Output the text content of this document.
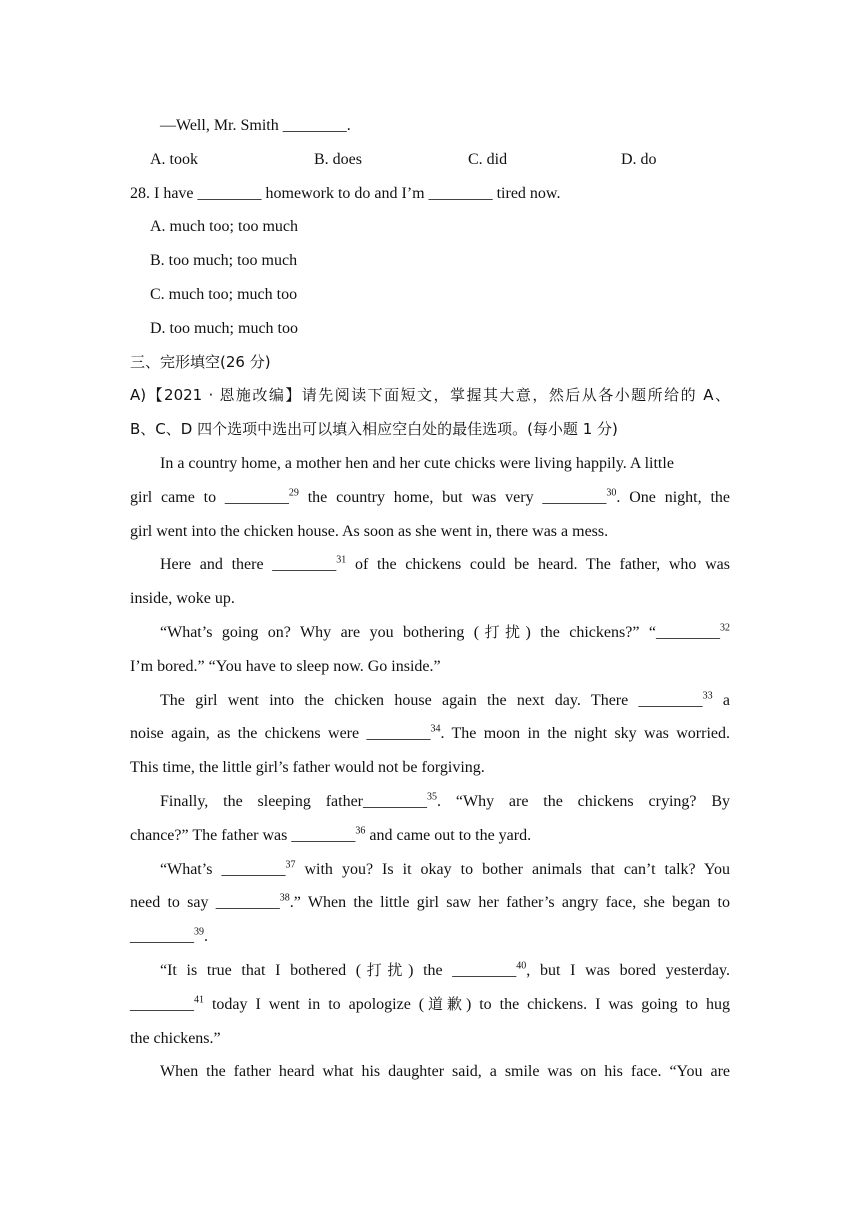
—Well, Mr. Smith ________.
A. took	B. does	C. did	D. do
28. I have ________ homework to do and I’m ________ tired now.
A. much too; too much
B. too much; too much
C. much too; much too
D. too much; much too
三、完形填空(26 分)
A)【2021 · 恩施改编】请先阅读下面短文，掌握其大意，然后从各小题所给的 A、
B、C、D 四个选项中选出可以填入相应空白处的最佳选项。(每小题 1 分)
In a country home, a mother hen and her cute chicks were living happily. A little
girl came to ________$^{29}$ the country home, but was very ________$^{30}$. One night, the
girl went into the chicken house. As soon as she went in, there was a mess.
Here and there ________$^{31}$ of the chickens could be heard. The father, who was
inside, woke up.
“What’s going on? Why are you bothering (打扰) the chickens?” “________$^{32}$
I’m bored.” “You have to sleep now. Go inside.”
The girl went into the chicken house again the next day. There ________$^{33}$ a
noise again, as the chickens were ________$^{34}$. The moon in the night sky was worried.
This time, the little girl’s father would not be forgiving.
Finally, the sleeping father________$^{35}$. “Why are the chickens crying? By
chance?” The father was ________$^{36}$ and came out to the yard.
“What’s ________$^{37}$ with you? Is it okay to bother animals that can’t talk? You
need to say ________$^{38}$.” When the little girl saw her father’s angry face, she began to
________$^{39}$.
“It is true that I bothered (打扰) the ________$^{40}$, but I was bored yesterday.
________$^{41}$ today I went in to apologize (道歉) to the chickens. I was going to hug
the chickens.”
When the father heard what his daughter said, a smile was on his face. “You are
